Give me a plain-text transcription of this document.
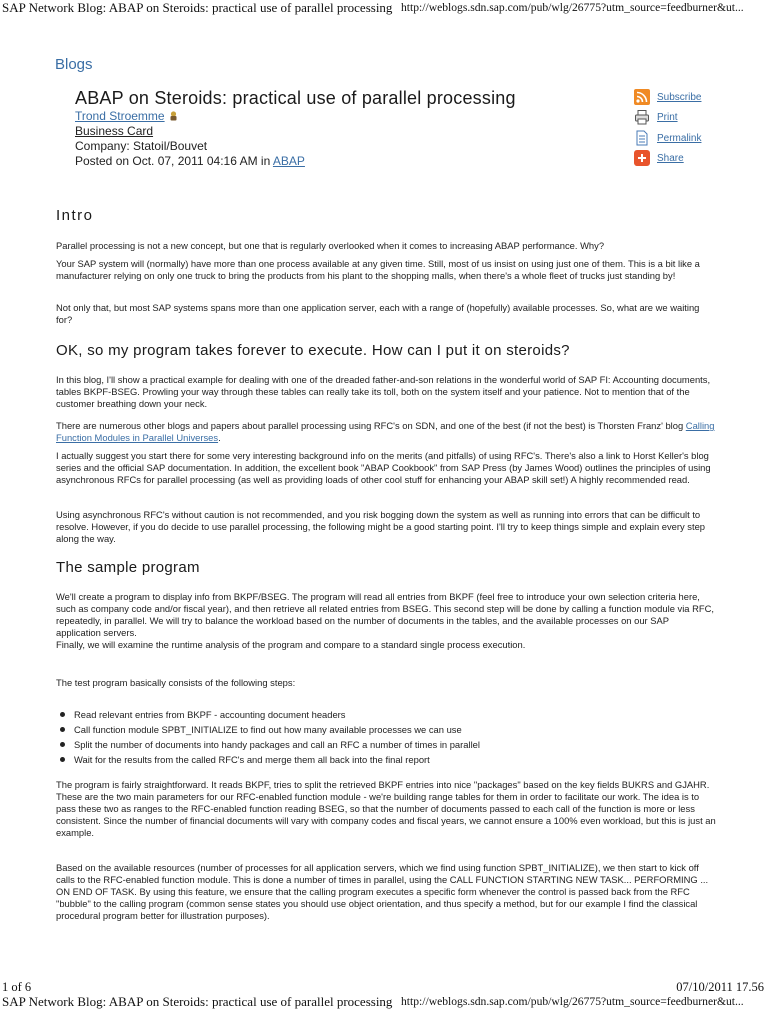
SAP Network Blog: ABAP on Steroids: practical use of parallel processing http://weblogs.sdn.sap.com/pub/wlg/26775?utm_source=feedburner&ut...
Blogs
ABAP on Steroids: practical use of parallel processing
Trond Stroemme
Business Card
Company: Statoil/Bouvet
Posted on Oct. 07, 2011 04:16 AM in ABAP
Subscribe
Print
Permalink
Share
Intro

Parallel processing is not a new concept, but one that is regularly overlooked when it comes to increasing ABAP performance. Why?

Your SAP system will (normally) have more than one process available at any given time. Still, most of us insist on using just one of them. This is a bit like a manufacturer relying on only one truck to bring the products from his plant to the shopping malls, when there's a whole fleet of trucks just standing by!

Not only that, but most SAP systems spans more than one application server, each with a range of (hopefully) available processes. So, what are we waiting for?

OK, so my program takes forever to execute. How can I put it on steroids?

In this blog, I'll show a practical example for dealing with one of the dreaded father-and-son relations in the wonderful world of SAP FI: Accounting documents, tables BKPF-BSEG. Prowling your way through these tables can really take its toll, both on the system itself and your patience. Not to mention that of the customer breathing down your neck.

There are numerous other blogs and papers about parallel processing using RFC's on SDN, and one of the best (if not the best) is Thorsten Franz' blog Calling Function Modules in Parallel Universes.

I actually suggest you start there for some very interesting background info on the merits (and pitfalls) of using RFC's. There's also a link to Horst Keller's blog series and the official SAP documentation. In addition, the excellent book "ABAP Cookbook" from SAP Press (by James Wood) outlines the principles of using asynchronous RFCs for parallel processing (as well as providing loads of other cool stuff for enhancing your ABAP skill set!) A highly recommended read.

Using asynchronous RFC's without caution is not recommended, and you risk bogging down the system as well as running into errors that can be difficult to resolve. However, if you do decide to use parallel processing, the following might be a good starting point. I'll try to keep things simple and explain every step along the way.

The sample program

We'll create a program to display info from BKPF/BSEG. The program will read all entries from BKPF (feel free to introduce your own selection criteria here, such as company code and/or fiscal year), and then retrieve all related entries from BSEG. This second step will be done by calling a function module via RFC, repeatedly, in parallel. We will try to balance the workload based on the number of documents in the tables, and the available processes on our SAP application servers.

Finally, we will examine the runtime analysis of the program and compare to a standard single process execution.

The test program basically consists of the following steps:

Read relevant entries from BKPF - accounting document headers
Call function module SPBT_INITIALIZE to find out how many available processes we can use
Split the number of documents into handy packages and call an RFC a number of times in parallel
Wait for the results from the called RFC's and merge them all back into the final report

The program is fairly straightforward. It reads BKPF, tries to split the retrieved BKPF entries into nice "packages" based on the key fields BUKRS and GJAHR. These are the two main parameters for our RFC-enabled function module - we're building range tables for them in order to facilitate our work. The idea is to pass these two as ranges to the RFC-enabled function reading BSEG, so that the number of documents passed to each call of the function is more or less consistent. Since the number of financial documents will vary with company codes and fiscal years, we cannot ensure a 100% even workload, but this is just an example.

Based on the available resources (number of processes for all application servers, which we find using function SPBT_INITIALIZE), we then start to kick off calls to the RFC-enabled function module. This is done a number of times in parallel, using the CALL FUNCTION STARTING NEW TASK... PERFORMING ... ON END OF TASK. By using this feature, we ensure that the calling program executes a specific form whenever the control is passed back from the RFC "bubble" to the calling program (common sense states you should use object orientation, and thus specify a method, but for our example I find the classical procedural program better for illustration purposes).

1 of 6	07/10/2011 17.56
SAP Network Blog: ABAP on Steroids: practical use of parallel processing http://weblogs.sdn.sap.com/pub/wlg/26775?utm_source=feedburner&ut...
